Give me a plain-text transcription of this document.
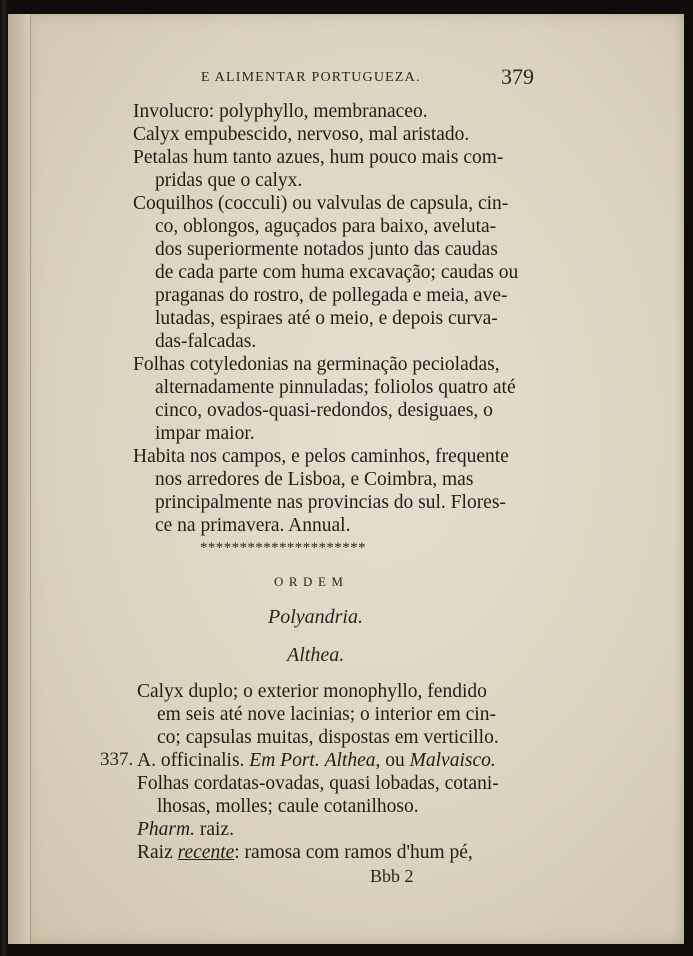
E ALIMENTAR PORTUGUEZA.	379
Involucro: polyphyllo, membranaceo.
Calyx empubescido, nervoso, mal aristado.
Petalas hum tanto azues, hum pouco mais com-
pridas que o calyx.
Coquilhos (cocculi) ou valvulas de capsula, cin-
co, oblongos, aguçados para baixo, aveluta-
dos superiormente notados junto das caudas
de cada parte com huma excavação; caudas ou
praganas do rostro, de pollegada e meia, ave-
lutadas, espiraes até o meio, e depois curva-
das-falcadas.
Folhas cotyledonias na germinação pecioladas,
alternadamente pinnuladas; foliolos quatro até
cinco, ovados-quasi-redondos, desiguaes, o
impar maior.
Habita nos campos, e pelos caminhos, frequente
nos arredores de Lisboa, e Coimbra, mas
principalmente nas provincias do sul. Flores-
ce na primavera. Annual.
*********************
ORDEM
Polyandria.
Althea.
Calyx duplo; o exterior monophyllo, fendido
em seis até nove lacinias; o interior em cin-
co; capsulas muitas, dispostas em verticillo.
337. A. officinalis. Em Port. Althea, ou Malvaisco.
Folhas cordatas-ovadas, quasi lobadas, cotani-
lhosas, molles; caule cotanilhoso.
Pharm. raiz.
Raiz recente: ramosa com ramos d'hum pé,
Bbb 2
